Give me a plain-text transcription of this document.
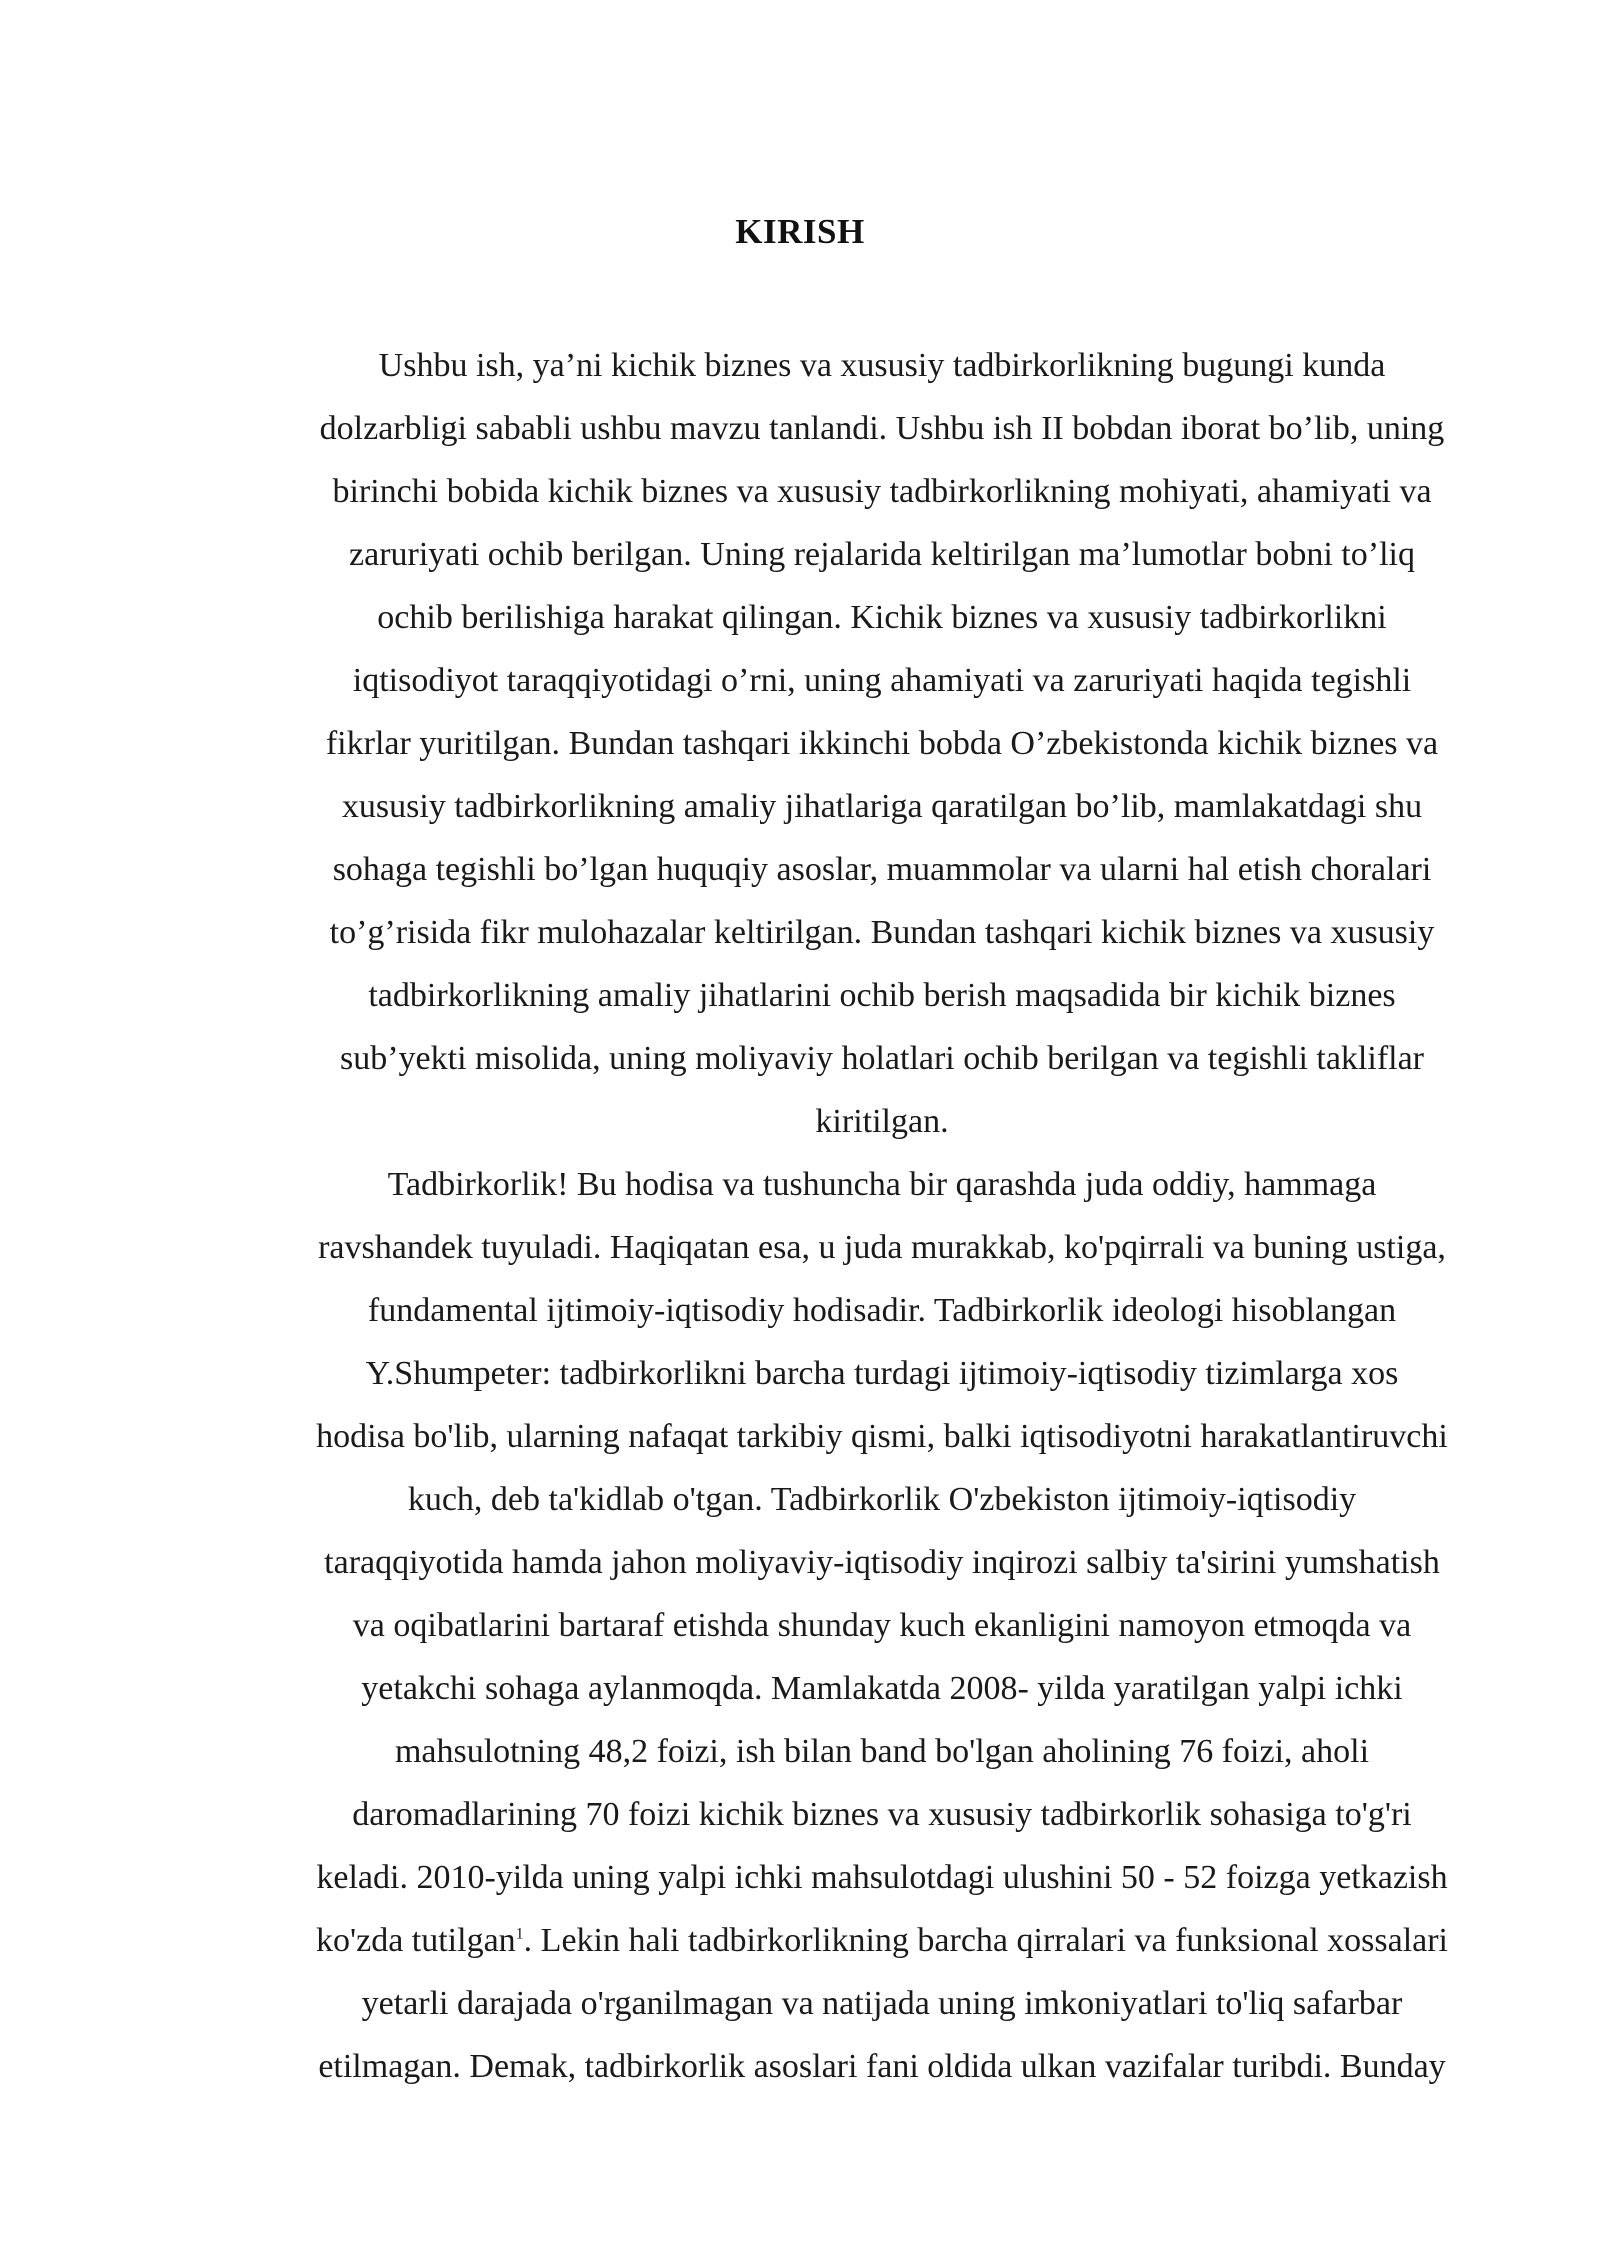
KIRISH
Ushbu ish, ya’ni kichik biznes va xususiy tadbirkorlikning bugungi kunda
dolzarbligi sababli ushbu mavzu tanlandi. Ushbu ish II bobdan iborat bo’lib, uning
birinchi bobida kichik biznes va xususiy tadbirkorlikning mohiyati, ahamiyati va
zaruriyati ochib berilgan. Uning rejalarida keltirilgan ma’lumotlar bobni to’liq
ochib berilishiga harakat qilingan. Kichik biznes va xususiy tadbirkorlikni
iqtisodiyot taraqqiyotidagi o’rni, uning ahamiyati va zaruriyati haqida tegishli
fikrlar yuritilgan. Bundan tashqari ikkinchi bobda O’zbekistonda kichik biznes va
xususiy tadbirkorlikning amaliy jihatlariga qaratilgan bo’lib, mamlakatdagi shu
sohaga tegishli bo’lgan huquqiy asoslar, muammolar va ularni hal etish choralari
to’g’risida fikr mulohazalar keltirilgan. Bundan tashqari kichik biznes va xususiy
tadbirkorlikning amaliy jihatlarini ochib berish maqsadida bir kichik biznes
sub’yekti misolida, uning moliyaviy holatlari ochib berilgan va tegishli takliflar
kiritilgan.
Tadbirkorlik! Bu hodisa va tushuncha bir qarashda juda oddiy, hammaga
ravshandek tuyuladi. Haqiqatan esa, u juda murakkab, ko'pqirrali va buning ustiga,
fundamental ijtimoiy-iqtisodiy hodisadir. Tadbirkorlik ideologi hisoblangan
Y.Shumpeter: tadbirkorlikni barcha turdagi ijtimoiy-iqtisodiy tizimlarga xos
hodisa bo'lib, ularning nafaqat tarkibiy qismi, balki iqtisodiyotni harakatlantiruvchi
kuch, deb ta'kidlab o'tgan. Tadbirkorlik O'zbekiston ijtimoiy-iqtisodiy
taraqqiyotida hamda jahon moliyaviy-iqtisodiy inqirozi salbiy ta'sirini yumshatish
va oqibatlarini bartaraf etishda shunday kuch ekanligini namoyon etmoqda va
yetakchi sohaga aylanmoqda. Mamlakatda 2008- yilda yaratilgan yalpi ichki
mahsulotning 48,2 foizi, ish bilan band bo'lgan aholining 76 foizi, aholi
daromadlarining 70 foizi kichik biznes va xususiy tadbirkorlik sohasiga to'g'ri
keladi. 2010-yilda uning yalpi ichki mahsulotdagi ulushini 50 - 52 foizga yetkazish
ko'zda tutilgan$^1$. Lekin hali tadbirkorlikning barcha qirralari va funksional xossalari
yetarli darajada o'rganilmagan va natijada uning imkoniyatlari to'liq safarbar
etilmagan. Demak, tadbirkorlik asoslari fani oldida ulkan vazifalar turibdi. Bunday
